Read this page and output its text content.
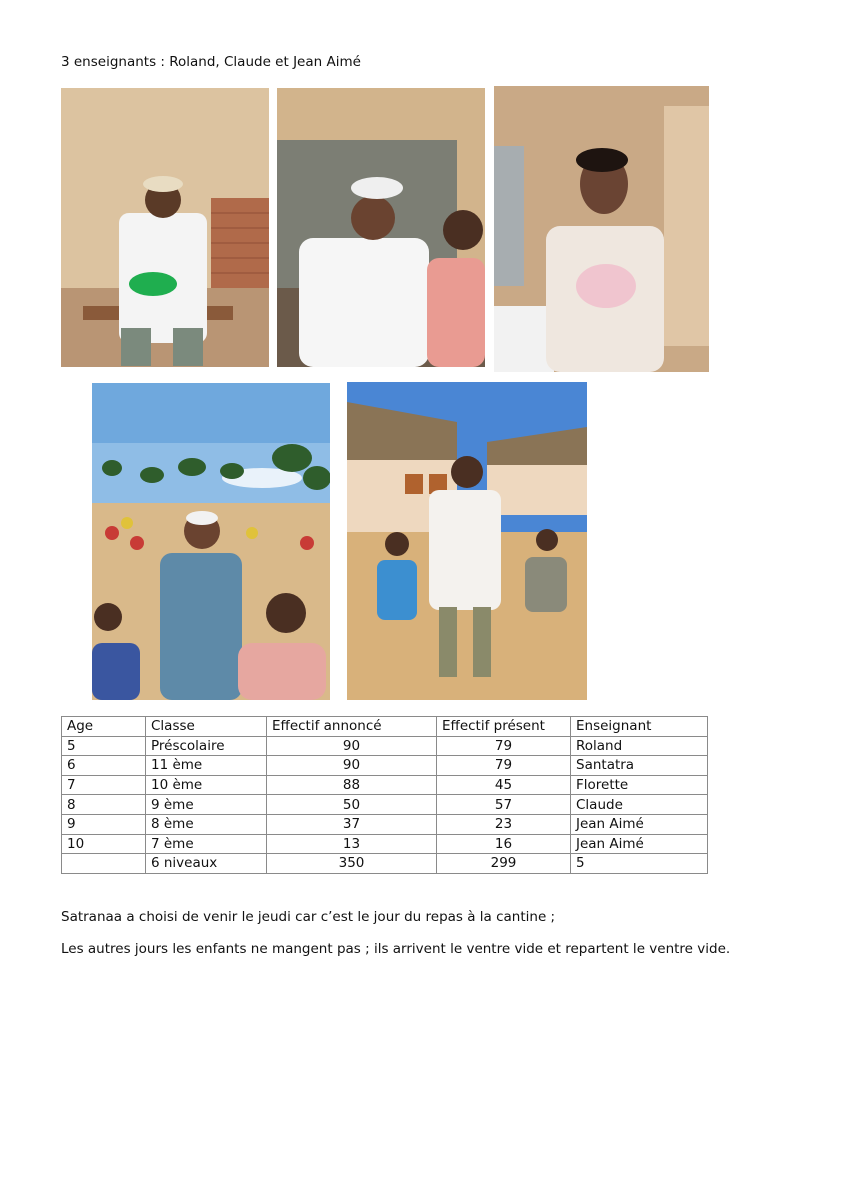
3 enseignants : Roland, Claude et Jean Aimé
Age	Classe	Effectif annoncé	Effectif présent	Enseignant
5	Préscolaire	90	79	Roland
6	11 ème	90	79	Santatra
7	10 ème	88	45	Florette
8	9 ème	50	57	Claude
9	8 ème	37	23	Jean Aimé
10	7 ème	13	16	Jean Aimé
	6 niveaux	350	299	5
Satranaa a choisi de venir le jeudi car c’est le jour du repas à la cantine ;
Les autres jours les enfants ne mangent pas ; ils arrivent le ventre vide et repartent le ventre vide.
